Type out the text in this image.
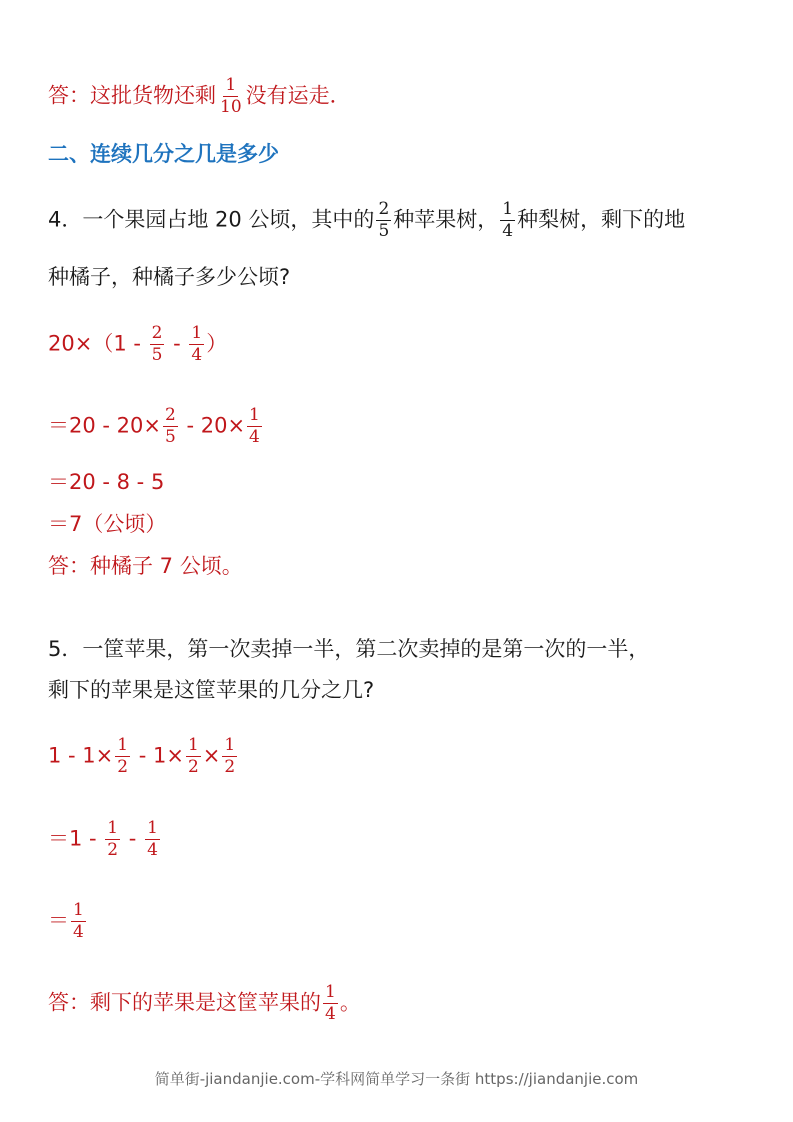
答：这批货物还剩 $\frac{1}{10}$ 没有运走．
二、连续几分之几是多少
4．一个果园占地 20 公顷，其中的 $\frac{2}{5}$ 种苹果树， $\frac{1}{4}$ 种梨树，剩下的地
种橘子，种橘子多少公顷?
$20\times(1 - \frac{2}{5} - \frac{1}{4}$ ）
$=20 - 20\times \frac{2}{5} - 20\times \frac{1}{4}$
＝20 - 8 - 5
＝7（公顷）
答：种橘子 7 公顷。
5．一筐苹果，第一次卖掉一半，第二次卖掉的是第一次的一半，
剩下的苹果是这筐苹果的几分之几?
$1 - 1\times \frac{1}{2} - 1\times \frac{1}{2} \times \frac{1}{2}$
$=1 - \frac{1}{2} - \frac{1}{4}$
＝ $\frac{1}{4}$
答：剩下的苹果是这筐苹果的 $\frac{1}{4}$ 。
简单街-jiandanjie.com-学科网简单学习一条街 https://jiandanjie.com
